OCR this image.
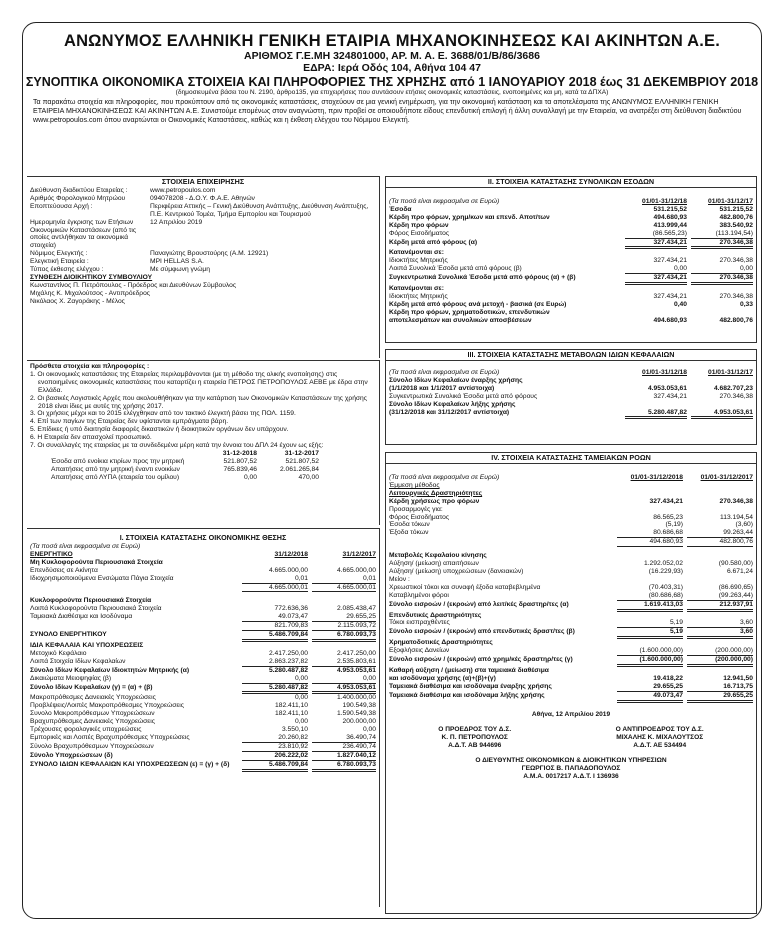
ΑΝΩΝΥΜΟΣ ΕΛΛΗΝΙΚΗ ΓΕΝΙΚΗ ΕΤΑΙΡΙΑ ΜΗΧΑΝΟΚΙΝΗΣΕΩΣ ΚΑΙ ΑΚΙΝΗΤΩΝ Α.Ε.
ΑΡΙΘΜΟΣ Γ.Ε.ΜΗ 324801000, ΑΡ. Μ. Α. Ε. 3688/01/Β/86/3686
ΕΔΡΑ: Ιερά Οδός 104, Αθήνα 104 47
ΣΥΝΟΠΤΙΚΑ ΟΙΚΟΝΟΜΙΚΑ ΣΤΟΙΧΕΙΑ ΚΑΙ ΠΛΗΡΟΦΟΡΙΕΣ ΤΗΣ ΧΡΗΣΗΣ από 1 ΙΑΝΟΥΑΡΙΟΥ 2018 έως 31 ΔΕΚΕΜΒΡΙΟΥ 2018
(δημοσιευμένα βάσει του Ν. 2190, άρθρο135, για επιχειρήσεις που συντάσουν ετήσιες οικονομικές καταστάσεις, ενοποιημένες και μη, κατά τα ΔΠΧΑ)
Τα παρακάτω στοιχεία και πληροφορίες, που προκύπτουν από τις οικονομικές καταστάσεις, στοχεύουν σε μια γενική ενημέρωση, για την οικονομική κατάσταση και τα αποτελέσματα της ΑΝΩΝΥΜΟΣ ΕΛΛΗΝΙΚΗ ΓΕΝΙΚΗ ΕΤΑΙΡΕΙΑ ΜΗΧΑΝΟΚΙΝΗΣΕΩΣ ΚΑΙ ΑΚΙΝΗΤΩΝ Α.Ε. Συνιστούμε επομένως στον αναγνώστη, πριν προβεί σε οποιουδήποτε είδους επενδυτική επιλογή ή άλλη συναλλαγή με την Εταιρεία, να ανατρέξει στη διεύθυνση διαδικτύου www.petropoulos.com όπου αναρτώνται οι Οικονομικές Καταστάσεις, καθώς και η έκθεση ελέγχου του Νόμιμου Ελεγκτή.
ΣΤΟΙΧΕΙΑ ΕΠΙΧΕΙΡΗΣΗΣ
Διεύθυνση διαδικτύου Εταιρείας :	www.petropoulos.com
Αριθμός Φορολογικού Μητρώου	094078208 - Δ.Ο.Υ. Φ.Α.Ε. Αθηνών
Εποπτεύουσα Αρχή :	Περιφέρεια Αττικής – Γενική Διεύθυνση Ανάπτυξης, Διεύθυνση Ανάπτυξης, Π.Ε. Κεντρικού Τομέα, Τμήμα Εμπορίου και Τουρισμού
Ημερομηνία έγκρισης των Ετήσιων Οικονομικών Καταστάσεων (από τις οποίες αντλήθηκαν τα οικονομικά στοιχεία)
12 Απριλίου 2019
Νόμιμος Ελεγκτής :	Παναγιώτης Βρουστούρης (Α.Μ. 12921)
Ελεγκτική Εταιρεία :	MPI HELLAS S.A.
Τύπος έκθεσης ελέγχου :	Με σύμφωνη γνώμη
ΣΥΝΘΕΣΗ ΔΙΟΙΚΗΤΙΚΟΥ ΣΥΜΒΟΥΛΙΟΥ
Κωνσταντίνος Π. Πετρόπουλος - Πρόεδρος και Διευθύνων Σύμβουλος
Μιχάλης Κ. Μιχαλούτσος - Αντιπρόεδρος
Νικόλαος Χ. Ζαγοράκης - Μέλος
Πρόσθετα στοιχεία και πληροφορίες :
1. Οι οικονομικές καταστάσεις της Εταιρείας περιλαμβάνονται (με τη μέθοδο της ολικής ενοποίησης) στις ενοποιημένες οικονομικές καταστάσεις που καταρτίζει η εταιρεία ΠΕΤΡΟΣ ΠΕΤΡΟΠΟΥΛΟΣ ΑΕΒΕ με έδρα στην Ελλάδα.
2. Οι βασικές Λογιστικές Αρχές που ακολουθήθηκαν για την κατάρτιση των Οικονομικών Καταστάσεων της χρήσης 2018 είναι ίδιες με αυτές της χρήσης 2017.
3. Οι χρήσεις μέχρι και το 2015 ελέγχθηκαν από τον τακτικό έλεγκτή βάσει της ΠΟΛ. 1159.
4. Επί των παγίων της Εταιρείας δεν υφίστανται εμπράγματα βάρη.
5. Επίδικες ή υπό διαιτησία διαφορές δικαστικών ή διοικητικών οργάνων δεν υπάρχουν.
6. Η Εταιρεία δεν απασχολεί προσωπικό.
7. Οι συναλλαγές της εταιρείας με τα συνδεδεμένα μέρη κατά την έννοια του ΔΠΛ 24 έχουν ως εξής:
31-12-2018	31-12-2017
Έσοδα από ενοίκια κτιρίων προς την μητρική	521.807,52	521.807,52
Απαιτήσεις από την μητρική έναντι ενοικίων	765.839,46	2.061.265,84
Απαιτήσεις από ΛΥΠΑ (εταιρεία του ομίλου)	0,00	470,00
Ι. ΣΤΟΙΧΕΙΑ ΚΑΤΑΣΤΑΣΗΣ ΟΙΚΟΝΟΜΙΚΗΣ ΘΕΣΗΣ
(Τα ποσά είναι εκφρασμένα σε Ευρώ)
ΕΝΕΡΓΗΤΙΚΟ	31/12/2018	31/12/2017
Μη Κυκλοφορούντα Περιουσιακά Στοιχεία
Επενδύσεις σε Ακίνητα	4.665.000,00	4.665.000,00
Ιδιοχρησιμοποιούμενα Ενσώματα Πάγια Στοιχεία	0,01	0,01
4.665.000,01	4.665.000,01
Κυκλοφορούντα Περιουσιακά Στοιχεία
Λοιπά Κυκλοφορούντα Περιουσιακά Στοιχεία	772.636,36	2.085.438,47
Ταμειακά Διαθέσιμα και Ισοδύναμα	49.073,47	29.655,25
821.709,83	2.115.093,72
ΣΥΝΟΛΟ ΕΝΕΡΓΗΤΙΚΟΥ	5.486.709,84	6.780.093,73
ΙΔΙΑ ΚΕΦΑΛΑΙΑ ΚΑΙ ΥΠΟΧΡΕΩΣΕΙΣ
Μετοχικό Κεφάλαιο	2.417.250,00	2.417.250,00
Λοιπά Στοιχεία Ιδίων Κεφαλαίων	2.863.237,82	2.535.803,61
Σύνολο Ιδίων Κεφαλαίων Ιδιοκτητών Μητρικής (α)	5.280.487,82	4.953.053,61
Δικαιώματα Μειοψηφίας (β)	0,00	0,00
Σύνολο Ιδίων Κεφαλαίων (γ) = (α) + (β)	5.280.487,82	4.953.053,61
Μακροπρόθεσμες Δανειακές Υποχρεώσεις	0,00	1.400.000,00
Προβλέψεις/Λοιπές Μακροπρόθεσμες Υποχρεώσεις	182.411,10	190.549,38
Συνολο Μακροπρόθεσμων Υποχρεώσεων	182.411,10	1.590.549,38
Βραχυπρόθεσμες Δανειακές Υποχρεώσεις	0,00	200.000,00
Τρέχουσες φορολογικές υποχρεώσεις	3.550,10	0,00
Εμπορικές και Λοιπές Βραχυπρόθεσμες Υποχρεώσεις	20.260,82	36.490,74
Σύνολο Βραχυπρόθεσμων Υποχρεώσεων	23.810,92	236.490,74
Σύνολο Υποχρεώσεων (δ)	206.222,02	1.827.040,12
ΣΥΝΟΛΟ ΙΔΙΩΝ ΚΕΦΑΛΑΙΩΝ ΚΑΙ ΥΠΟΧΡΕΩΣΕΩΝ (ε) = (γ) + (δ)	5.486.709,84	6.780.093,73
ΙΙ. ΣΤΟΙΧΕΙΑ ΚΑΤΑΣΤΑΣΗΣ ΣΥΝΟΛΙΚΩΝ ΕΣΟΔΩΝ
(Τα ποσά είναι εκφρασμένα σε Ευρώ)	01/01-31/12/18	01/01-31/12/17
Έσοδα	531.215,52	531.215,52
Κέρδη προ φόρων, χρημ/κων και επενδ. Αποτ/των	494.680,93	482.800,76
Κέρδη προ φόρων	413.999,44	383.540,92
Φόρος Εισοδήματος	(86.565,23)	(113.194,54)
Κέρδη μετά από φόρους (α)	327.434,21	270.346,38
Κατανέμονται σε:
Ιδιοκτήτες Μητρικής	327.434,21	270.346,38
Λοιπά Συνολικά Έσοδα μετά από φόρους (β)	0,00	0,00
Συγκεντρωτικά Συνολικά Έσοδα μετά από φόρους (α) + (β)	327.434,21	270.346,38
Κατανέμονται σε:
Ιδιοκτήτες Μητρικής	327.434,21	270.346,38
Κέρδη μετά από φόρους ανά μετοχή - βασικά (σε Ευρώ)	0,40	0,33
Κέρδη προ φόρων, χρηματοδοτικών, επενδυτικών
αποτελεσμάτων και συνολικών αποσβέσεων	494.680,93	482.800,76
ΙΙΙ. ΣΤΟΙΧΕΙΑ ΚΑΤΑΣΤΑΣΗΣ ΜΕΤΑΒΟΛΩΝ ΙΔΙΩΝ ΚΕΦΑΛΑΙΩΝ
(Τα ποσά είναι εκφρασμένα σε Ευρώ)	01/01-31/12/18	01/01-31/12/17
Σύνολο Ιδίων Κεφαλαίων έναρξης χρήσης
(1/1/2018 και 1/1/2017 αντίστοιχα)	4.953.053,61	4.682.707,23
Συγκεντρωτικά Συνολικά Έσοδα μετά από φόρους	327.434,21	270.346,38
Σύνολο Ιδίων Κεφαλαίων λήξης χρήσης
(31/12/2018 και 31/12/2017 αντίστοιχα)	5.280.487,82	4.953.053,61
IV. ΣΤΟΙΧΕΙΑ ΚΑΤΑΣΤΑΣΗΣ ΤΑΜΕΙΑΚΩΝ ΡΟΩΝ
(Τα ποσά είναι εκφρασμένα σε Ευρώ)	01/01-31/12/2018	01/01-31/12/2017
Έμμεση μέθοδος
Λειτουργικές Δραστηριότητες
Κέρδη χρήσεως προ φόρων	327.434,21	270.346,38
Προσαρμογές για:
Φόρος Εισοδήματος	86.565,23	113.194,54
Έσοδα τόκων	(5,19)	(3,60)
Έξοδα τόκων	80.686,68	99.263,44
494.680,93	482.800,76
Μεταβολές Κεφαλαίου κίνησης
Αύξηση/ (μείωση) απαιτήσεων	1.292.052,02	(90.580,00)
Αύξηση/ (μείωση) υποχρεώσεων (δανειακών)	(16.229,93)	6.671,24
Μείον :
Χρεωστικοί τόκοι και συναφή έξοδα καταβεβλημένα	(70.403,31)	(86.690,65)
Καταβλημένοι φόροι	(80.686,68)	(99.263,44)
Σύνολο εισροών / (εκροών) από λειτ/κές δραστηρ/τες (α)	1.619.413,03	212.937,91
Επενδυτικές Δραστηριότητες
Τόκοι εισπραχθέντες	5,19	3,60
Σύνολο εισροών / (εκροών) από επενδυτικές δραστ/τες (β)	5,19	3,60
Χρηματοδοτικές Δραστηριότητες
Εξοφλήσεις Δανείων	(1.600.000,00)	(200.000,00)
Σύνολο εισροών / (εκροών) από χρημ/κές δραστηρ/τες (γ)	(1.600.000,00)	(200.000,00)
Καθαρή αύξηση / (μείωση) στα ταμειακά διαθέσιμα
και ισοδύναμα χρήσης (α)+(β)+(γ)	19.418,22	12.941,50
Ταμειακά διαθέσιμα και ισοδύναμα έναρξης χρήσης	29.655,25	16.713,75
Ταμειακά διαθέσιμα και ισοδύναμα λήξης χρήσης	49.073,47	29.655,25
Αθήνα, 12 Απριλίου 2019
Ο ΠΡΟΕΔΡΟΣ ΤΟΥ Δ.Σ.
Κ. Π. ΠΕΤΡΟΠΟΥΛΟΣ
Α.Δ.Τ. ΑΒ 944696
Ο ΑΝΤΙΠΡΟΕΔΡΟΣ ΤΟΥ Δ.Σ.
ΜΙΧΑΛΗΣ Κ. ΜΙΧΑΛΟΥΤΣΟΣ
Α.Δ.Τ. ΑΕ 534494
Ο ΔΙΕΥΘΥΝΤΗΣ ΟΙΚΟΝΟΜΙΚΩΝ & ΔΙΟΙΚΗΤΙΚΩΝ ΥΠΗΡΕΣΙΩΝ
ΓΕΩΡΓΙΟΣ Β. ΠΑΠΑΔΟΠΟΥΛΟΣ
Α.Μ.Α. 0017217 Α.Δ.Τ. Ι 136936
